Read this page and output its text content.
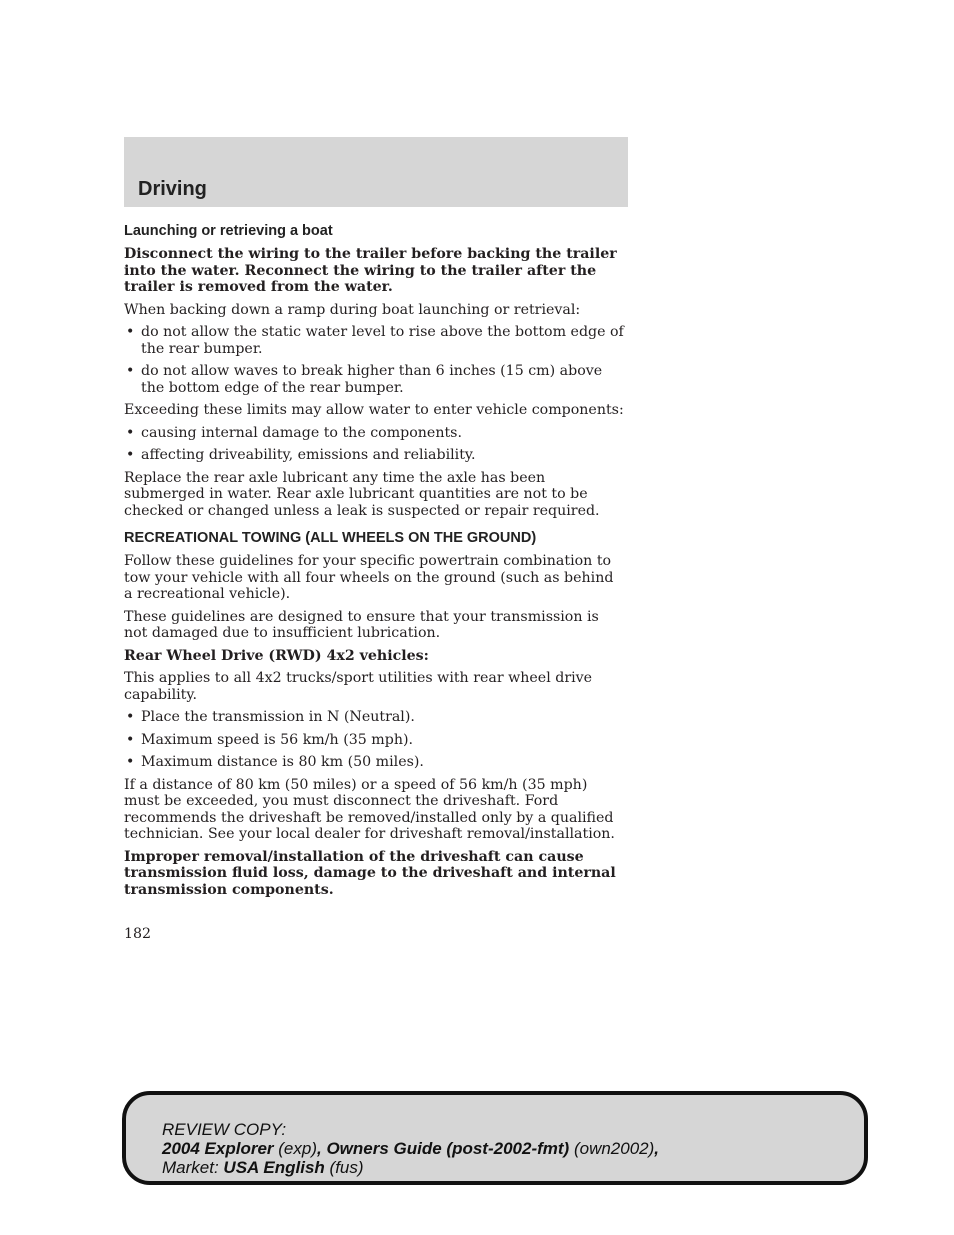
Driving
Launching or retrieving a boat

Disconnect the wiring to the trailer before backing the trailer into the water. Reconnect the wiring to the trailer after the trailer is removed from the water.

When backing down a ramp during boat launching or retrieval:

• do not allow the static water level to rise above the bottom edge of the rear bumper.
• do not allow waves to break higher than 6 inches (15 cm) above the bottom edge of the rear bumper.

Exceeding these limits may allow water to enter vehicle components:

• causing internal damage to the components.
• affecting driveability, emissions and reliability.

Replace the rear axle lubricant any time the axle has been submerged in water. Rear axle lubricant quantities are not to be checked or changed unless a leak is suspected or repair required.

RECREATIONAL TOWING (ALL WHEELS ON THE GROUND)

Follow these guidelines for your specific powertrain combination to tow your vehicle with all four wheels on the ground (such as behind a recreational vehicle).

These guidelines are designed to ensure that your transmission is not damaged due to insufficient lubrication.

Rear Wheel Drive (RWD) 4x2 vehicles:

This applies to all 4x2 trucks/sport utilities with rear wheel drive capability.

• Place the transmission in N (Neutral).
• Maximum speed is 56 km/h (35 mph).
• Maximum distance is 80 km (50 miles).

If a distance of 80 km (50 miles) or a speed of 56 km/h (35 mph) must be exceeded, you must disconnect the driveshaft. Ford recommends the driveshaft be removed/installed only by a qualified technician. See your local dealer for driveshaft removal/installation.

Improper removal/installation of the driveshaft can cause transmission fluid loss, damage to the driveshaft and internal transmission components.

182
REVIEW COPY:
2004 Explorer (exp), Owners Guide (post-2002-fmt) (own2002),
Market: USA English (fus)
